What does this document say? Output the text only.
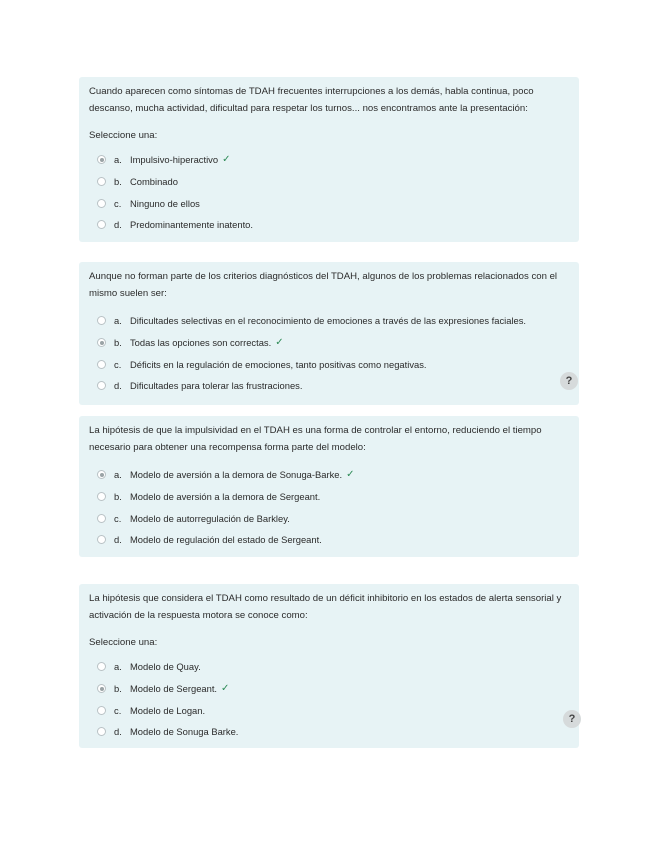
Cuando aparecen como síntomas de TDAH frecuentes interrupciones a los demás, habla continua, poco descanso, mucha actividad, dificultad para respetar los turnos... nos encontramos ante la presentación:

Seleccione una:

a. Impulsivo-hiperactivo ✓
b. Combinado
c. Ninguno de ellos
d. Predominantemente inatento.

Aunque no forman parte de los criterios diagnósticos del TDAH, algunos de los problemas relacionados con el mismo suelen ser:

a. Dificultades selectivas en el reconocimiento de emociones a través de las expresiones faciales.
b. Todas las opciones son correctas. ✓
c. Déficits en la regulación de emociones, tanto positivas como negativas.
d. Dificultades para tolerar las frustraciones.	?

La hipótesis de que la impulsividad en el TDAH es una forma de controlar el entorno, reduciendo el tiempo necesario para obtener una recompensa forma parte del modelo:

a. Modelo de aversión a la demora de Sonuga-Barke. ✓
b. Modelo de aversión a la demora de Sergeant.
c. Modelo de autorregulación de Barkley.
d. Modelo de regulación del estado de Sergeant.

La hipótesis que considera el TDAH como resultado de un déficit inhibitorio en los estados de alerta sensorial y activación de la respuesta motora se conoce como:

Seleccione una:

a. Modelo de Quay.
b. Modelo de Sergeant. ✓
c. Modelo de Logan.
d. Modelo de Sonuga Barke.
?
